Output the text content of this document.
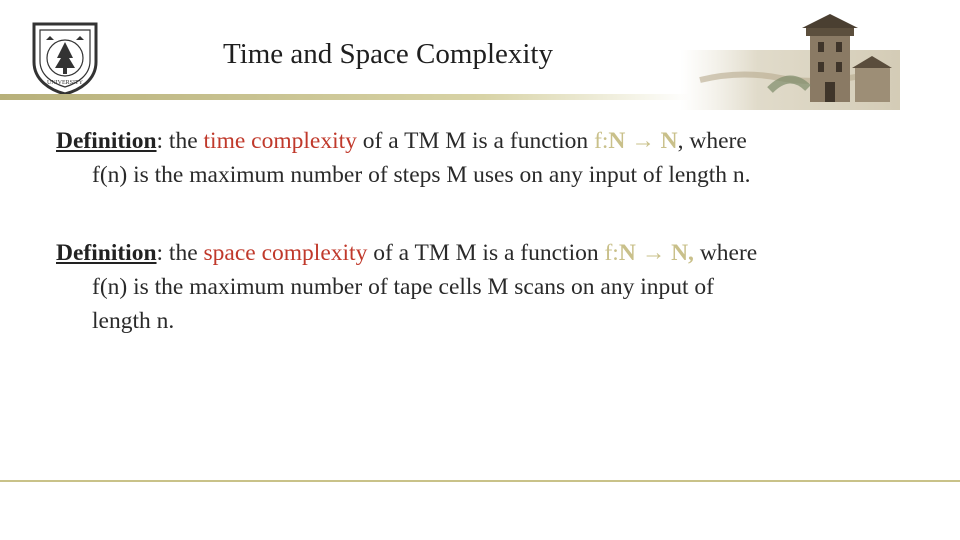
UNIVERSITY
Time and Space Complexity
Definition: the time complexity of a TM M is a function f:N → N, where
f(n) is the maximum number of steps M uses on any input of length n.
Definition: the space complexity of a TM M is a function f:N → N, where
f(n) is the maximum number of tape cells M scans on any input of
length n.
